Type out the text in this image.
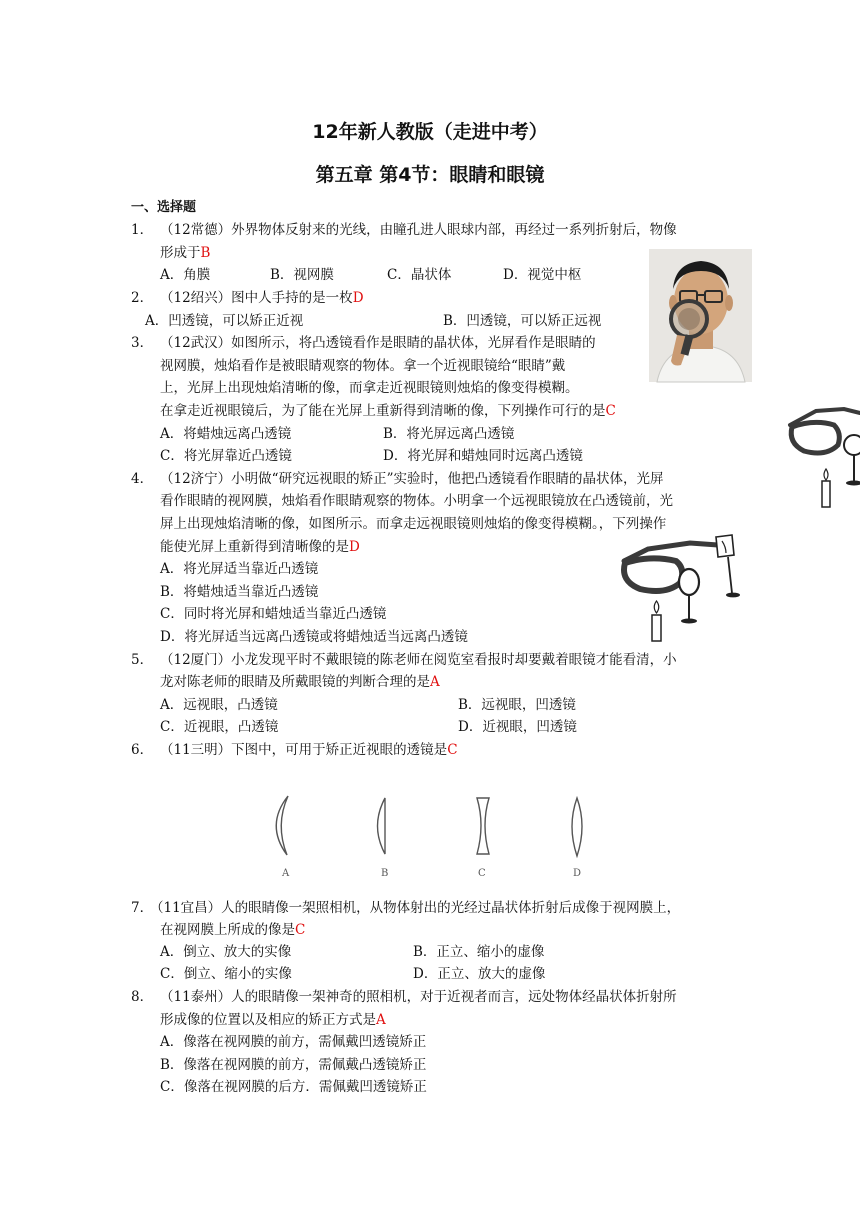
12年新人教版（走进中考）
第五章 第4节：眼睛和眼镜
一、选择题
1． （12常德）外界物体反射来的光线，由瞳孔进人眼球内部，再经过一系列折射后，物像
形成于B
A．角膜	B．视网膜	C．晶状体	D．视觉中枢
2． （12绍兴）图中人手持的是一枚D
A．凹透镜，可以矫正近视	B．凹透镜，可以矫正远视
3． （12武汉）如图所示，将凸透镜看作是眼睛的晶状体，光屏看作是眼睛的
视网膜，烛焰看作是被眼睛观察的物体。拿一个近视眼镜给“眼睛”戴
上，光屏上出现烛焰清晰的像，而拿走近视眼镜则烛焰的像变得模糊。
在拿走近视眼镜后，为了能在光屏上重新得到清晰的像，下列操作可行的是C
A．将蜡烛远离凸透镜	B．将光屏远离凸透镜
C．将光屏靠近凸透镜	D．将光屏和蜡烛同时远离凸透镜
4． （12济宁）小明做“研究远视眼的矫正”实验时，他把凸透镜看作眼睛的晶状体，光屏
看作眼睛的视网膜，烛焰看作眼睛观察的物体。小明拿一个远视眼镜放在凸透镜前，光
屏上出现烛焰清晰的像，如图所示。而拿走远视眼镜则烛焰的像变得模糊。，下列操作
能使光屏上重新得到清晰像的是D
A．将光屏适当靠近凸透镜
B．将蜡烛适当靠近凸透镜
C．同时将光屏和蜡烛适当靠近凸透镜
D．将光屏适当远离凸透镜或将蜡烛适当远离凸透镜
5． （12厦门）小龙发现平时不戴眼镜的陈老师在阅览室看报时却要戴着眼镜才能看清，小
龙对陈老师的眼睛及所戴眼镜的判断合理的是A
A．远视眼，凸透镜	B．远视眼，凹透镜
C．近视眼，凸透镜	D．近视眼，凹透镜
6． （11三明）下图中，可用于矫正近视眼的透镜是C
A	B	C	D
7．
（11宜昌）人的眼睛像一架照相机，从物体射出的光经过晶状体折射后成像于视网膜上，
在视网膜上所成的像是C
A．倒立、放大的实像	B．正立、缩小的虚像
C．倒立、缩小的实像	D．正立、放大的虚像
8． （11泰州）人的眼睛像一架神奇的照相机，对于近视者而言，远处物体经晶状体折射所
形成像的位置以及相应的矫正方式是A
A．像落在视网膜的前方，需佩戴凹透镜矫正
B．像落在视网膜的前方，需佩戴凸透镜矫正
C．像落在视网膜的后方．需佩戴凹透镜矫正
